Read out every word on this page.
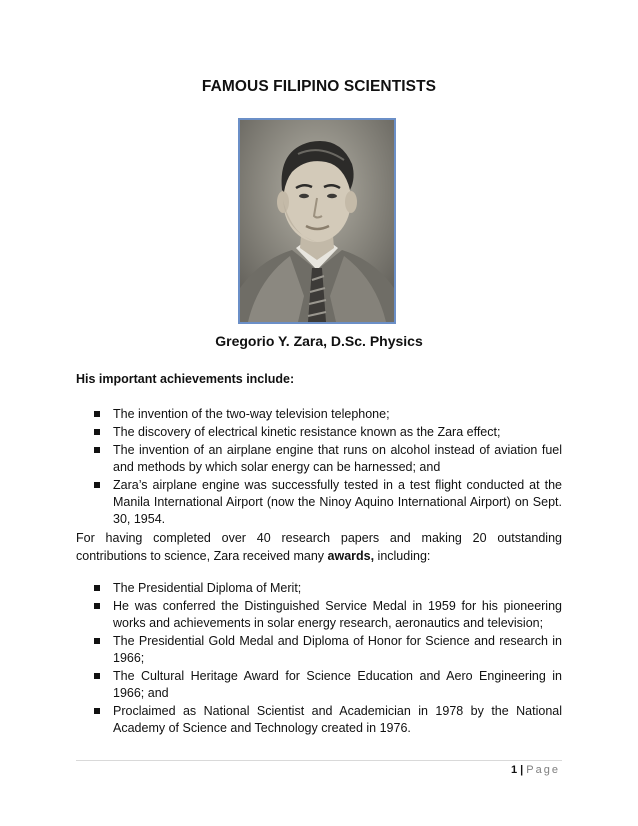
FAMOUS FILIPINO SCIENTISTS
Gregorio Y. Zara, D.Sc. Physics
His important achievements include:
The invention of the two-way television telephone;
The discovery of electrical kinetic resistance known as the Zara effect;
The invention of an airplane engine that runs on alcohol instead of aviation fuel and methods by which solar energy can be harnessed; and
Zara’s airplane engine was successfully tested in a test flight conducted at the Manila International Airport (now the Ninoy Aquino International Airport) on Sept. 30, 1954.
For having completed over 40 research papers and making 20 outstanding contributions to science, Zara received many awards, including:
The Presidential Diploma of Merit;
He was conferred the Distinguished Service Medal in 1959 for his pioneering works and achievements in solar energy research, aeronautics and television;
The Presidential Gold Medal and Diploma of Honor for Science and research in 1966;
The Cultural Heritage Award for Science Education and Aero Engineering in 1966; and
Proclaimed as National Scientist and Academician in 1978 by the National Academy of Science and Technology created in 1976.
1 | Page
